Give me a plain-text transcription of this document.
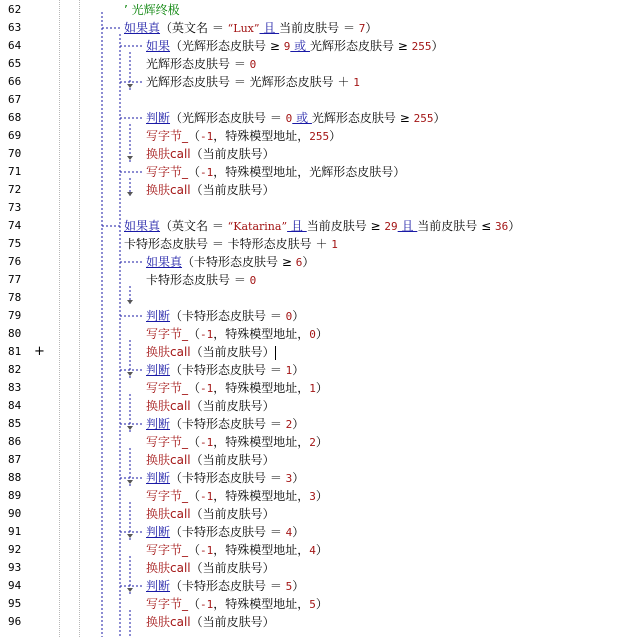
62	’ 光辉终极
63	如果真（英文名 ＝ “Lux” 且 当前皮肤号 ＝ 7）
64	如果（光辉形态皮肤号 ≥ 9 或 光辉形态皮肤号 ≥ 255）
65	光辉形态皮肤号 ＝ 0
66	光辉形态皮肤号 ＝ 光辉形态皮肤号 ＋ 1
67
68	判断（光辉形态皮肤号 ＝ 0 或 光辉形态皮肤号 ≥ 255）
69	写字节_（-1，特殊模型地址，255）
70	换肤call（当前皮肤号）
71	写字节_（-1，特殊模型地址，光辉形态皮肤号）
72	换肤call（当前皮肤号）
73
74	如果真（英文名 ＝ “Katarina” 且 当前皮肤号 ≥ 29 且 当前皮肤号 ≤ 36）
75	卡特形态皮肤号 ＝ 卡特形态皮肤号 ＋ 1
76	如果真（卡特形态皮肤号 ≥ 6）
77	卡特形态皮肤号 ＝ 0
78
79	判断（卡特形态皮肤号 ＝ 0）
80	写字节_（-1，特殊模型地址，0）
81 +	换肤call（当前皮肤号）
82	判断（卡特形态皮肤号 ＝ 1）
83	写字节_（-1，特殊模型地址，1）
84	换肤call（当前皮肤号）
85	判断（卡特形态皮肤号 ＝ 2）
86	写字节_（-1，特殊模型地址，2）
87	换肤call（当前皮肤号）
88	判断（卡特形态皮肤号 ＝ 3）
89	写字节_（-1，特殊模型地址，3）
90	换肤call（当前皮肤号）
91	判断（卡特形态皮肤号 ＝ 4）
92	写字节_（-1，特殊模型地址，4）
93	换肤call（当前皮肤号）
94	判断（卡特形态皮肤号 ＝ 5）
95	写字节_（-1，特殊模型地址，5）
96	换肤call（当前皮肤号）
